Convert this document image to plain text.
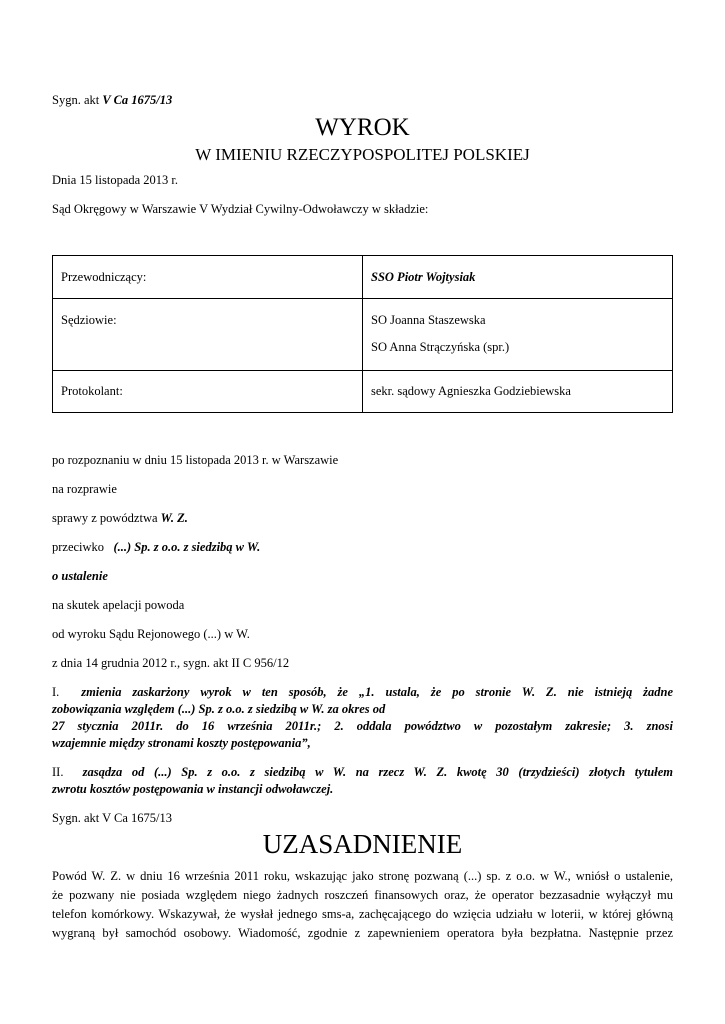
Sygn. akt V Ca 1675/13
WYROK
W IMIENIU RZECZYPOSPOLITEJ POLSKIEJ
Dnia 15 listopada 2013 r.
Sąd Okręgowy w Warszawie V Wydział Cywilny-Odwoławczy w składzie:
Przewodniczący:	SSO Piotr Wojtysiak

Sędziowie:	SO Joanna Staszewska
SO Anna Strączyńska (spr.)

Protokolant:	sekr. sądowy Agnieszka Godziebiewska
po rozpoznaniu w dniu 15 listopada 2013 r. w Warszawie
na rozprawie
sprawy z powództwa W. Z.
przeciwko   (...) Sp. z o.o. z siedzibą w W.
o ustalenie
na skutek apelacji powoda
od wyroku Sądu Rejonowego (...) w W.
z dnia 14 grudnia 2012 r., sygn. akt II C 956/12
I.  zmienia zaskarżony wyrok w ten sposób, że „1. ustala, że po stronie W. Z. nie istnieją żadne
zobowiązania względem (...) Sp. z o.o. z siedzibą w W. za okres od
27 stycznia 2011r. do 16 września 2011r.; 2. oddala powództwo w pozostałym zakresie; 3. znosi
wzajemnie między stronami koszty postępowania”,
II.  zasądza od (...) Sp. z o.o. z siedzibą w W. na rzecz W. Z. kwotę 30 (trzydzieści) złotych tytułem
zwrotu kosztów postępowania w instancji odwoławczej.
Sygn. akt V Ca 1675/13
UZASADNIENIE
Powód W. Z. w dniu 16 września 2011 roku, wskazując jako stronę pozwaną (...) sp. z o.o. w W., wniósł o ustalenie,
że pozwany nie posiada względem niego żadnych roszczeń finansowych oraz, że operator bezzasadnie wyłączył mu
telefon komórkowy. Wskazywał, że wysłał jednego sms-a, zachęcającego do wzięcia udziału w loterii, w której główną
wygraną był samochód osobowy. Wiadomość, zgodnie z zapewnieniem operatora była bezpłatna. Następnie przez
